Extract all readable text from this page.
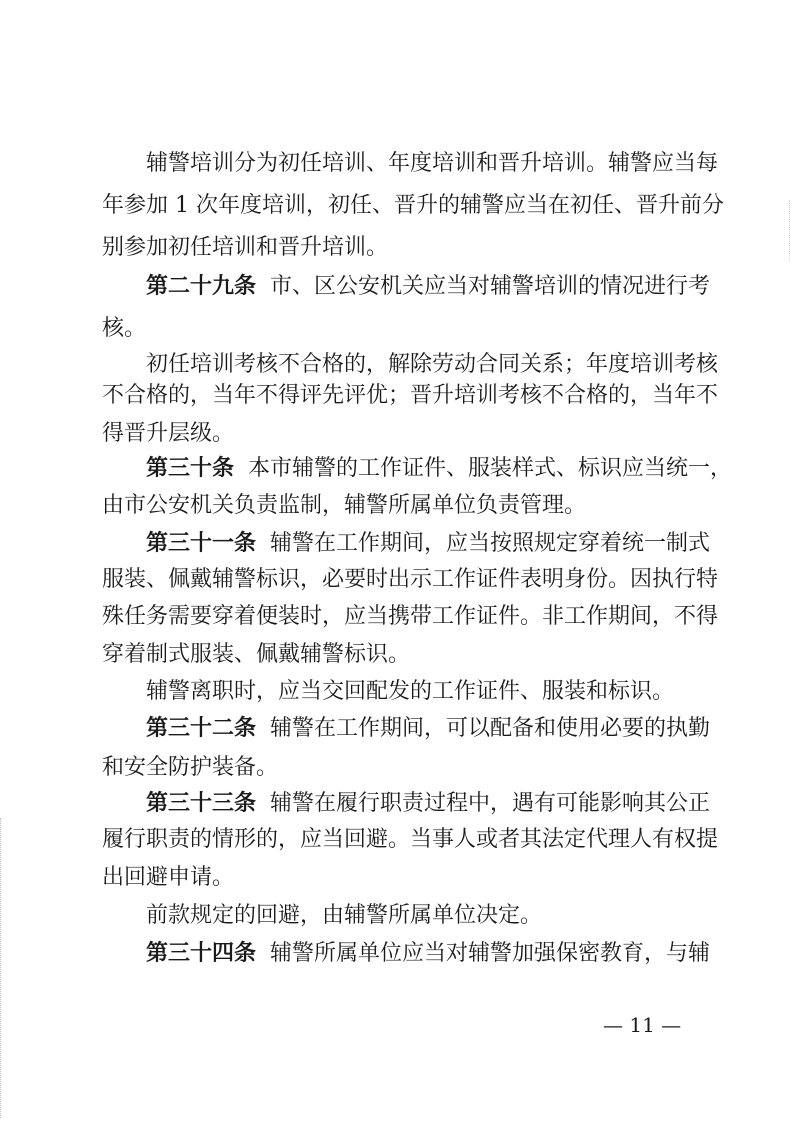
辅警培训分为初任培训、年度培训和晋升培训。辅警应当每
年参加 1 次年度培训，初任、晋升的辅警应当在初任、晋升前分
别参加初任培训和晋升培训。
第二十九条 市、区公安机关应当对辅警培训的情况进行考
核。
初任培训考核不合格的，解除劳动合同关系；年度培训考核
不合格的，当年不得评先评优；晋升培训考核不合格的，当年不
得晋升层级。
第三十条 本市辅警的工作证件、服装样式、标识应当统一，
由市公安机关负责监制，辅警所属单位负责管理。
第三十一条 辅警在工作期间，应当按照规定穿着统一制式
服装、佩戴辅警标识，必要时出示工作证件表明身份。因执行特
殊任务需要穿着便装时，应当携带工作证件。非工作期间，不得
穿着制式服装、佩戴辅警标识。
辅警离职时，应当交回配发的工作证件、服装和标识。
第三十二条 辅警在工作期间，可以配备和使用必要的执勤
和安全防护装备。
第三十三条 辅警在履行职责过程中，遇有可能影响其公正
履行职责的情形的，应当回避。当事人或者其法定代理人有权提
出回避申请。
前款规定的回避，由辅警所属单位决定。
第三十四条 辅警所属单位应当对辅警加强保密教育，与辅
— 11 —
